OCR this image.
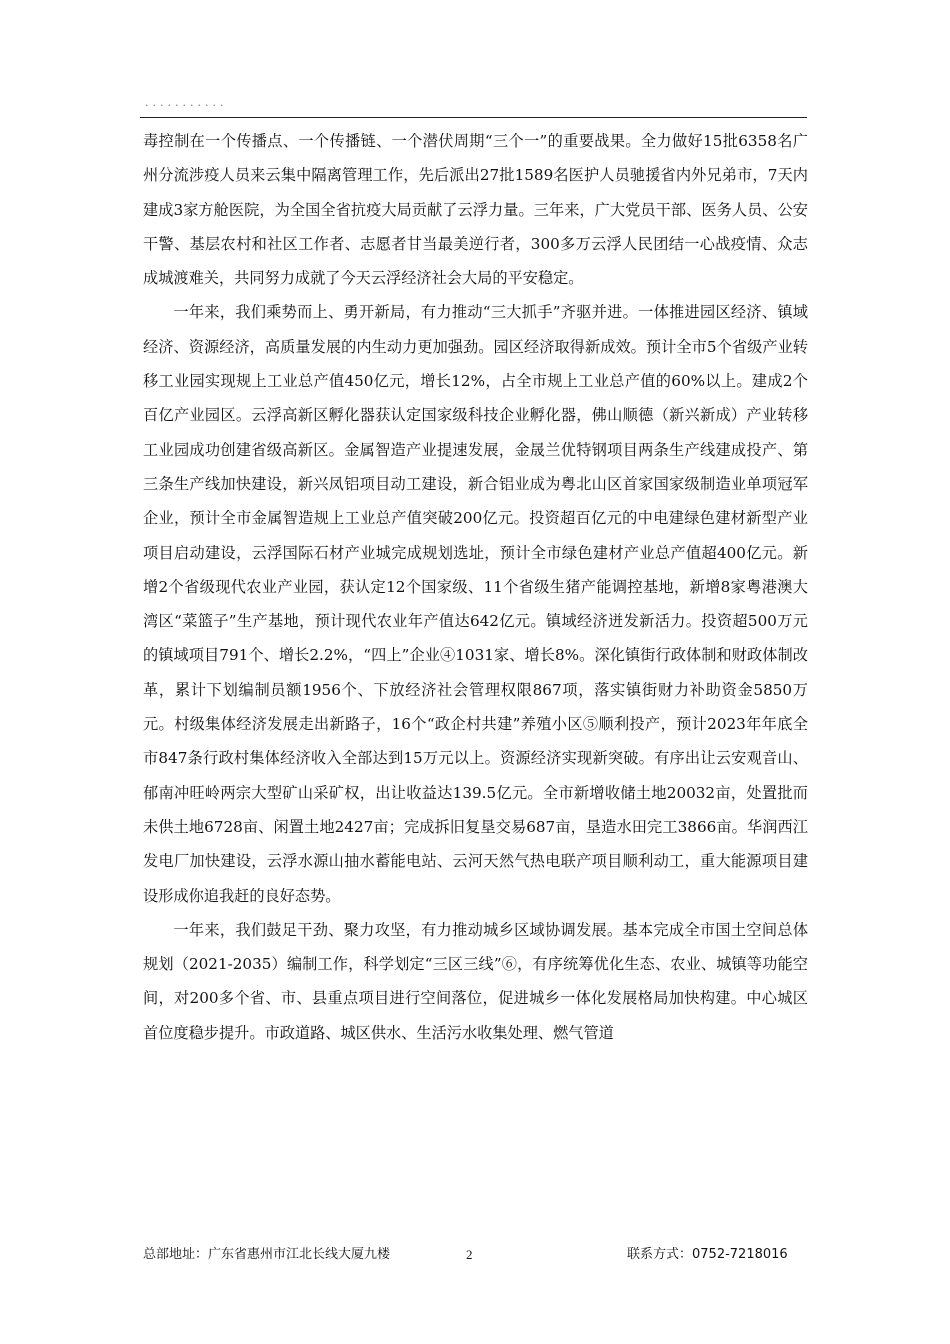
...........

毒控制在一个传播点、一个传播链、一个潜伏周期“三个一”的重要战果。全力做好15批6358名广州分流涉疫人员来云集中隔离管理工作，先后派出27批1589名医护人员驰援省内外兄弟市，7天内建成3家方舱医院，为全国全省抗疫大局贡献了云浮力量。三年来，广大党员干部、医务人员、公安干警、基层农村和社区工作者、志愿者甘当最美逆行者，300多万云浮人民团结一心战疫情、众志成城渡难关，共同努力成就了今天云浮经济社会大局的平安稳定。

一年来，我们乘势而上、勇开新局，有力推动“三大抓手”齐驱并进。一体推进园区经济、镇域经济、资源经济，高质量发展的内生动力更加强劲。园区经济取得新成效。预计全市5个省级产业转移工业园实现规上工业总产值450亿元，增长12%，占全市规上工业总产值的60%以上。建成2个百亿产业园区。云浮高新区孵化器获认定国家级科技企业孵化器，佛山顺德（新兴新成）产业转移工业园成功创建省级高新区。金属智造产业提速发展，金晟兰优特钢项目两条生产线建成投产、第三条生产线加快建设，新兴凤铝项目动工建设，新合铝业成为粤北山区首家国家级制造业单项冠军企业，预计全市金属智造规上工业总产值突破200亿元。投资超百亿元的中电建绿色建材新型产业项目启动建设，云浮国际石材产业城完成规划选址，预计全市绿色建材产业总产值超400亿元。新增2个省级现代农业产业园，获认定12个国家级、11个省级生猪产能调控基地，新增8家粤港澳大湾区“菜篮子”生产基地，预计现代农业年产值达642亿元。镇域经济迸发新活力。投资超500万元的镇域项目791个、增长2.2%，“四上”企业④1031家、增长8%。深化镇街行政体制和财政体制改革，累计下划编制员额1956个、下放经济社会管理权限867项，落实镇街财力补助资金5850万元。村级集体经济发展走出新路子，16个“政企村共建”养殖小区⑤顺利投产，预计2023年年底全市847条行政村集体经济收入全部达到15万元以上。资源经济实现新突破。有序出让云安观音山、郁南冲旺岭两宗大型矿山采矿权，出让收益达139.5亿元。全市新增收储土地20032亩，处置批而未供土地6728亩、闲置土地2427亩；完成拆旧复垦交易687亩，垦造水田完工3866亩。华润西江发电厂加快建设，云浮水源山抽水蓄能电站、云河天然气热电联产项目顺利动工，重大能源项目建设形成你追我赶的良好态势。

一年来，我们鼓足干劲、聚力攻坚，有力推动城乡区域协调发展。基本完成全市国土空间总体规划（2021-2035）编制工作，科学划定“三区三线”⑥，有序统筹优化生态、农业、城镇等功能空间，对200多个省、市、县重点项目进行空间落位，促进城乡一体化发展格局加快构建。中心城区首位度稳步提升。市政道路、城区供水、生活污水收集处理、燃气管道

总部地址：广东省惠州市江北长线大厦九楼	2	联系方式：0752-7218016
